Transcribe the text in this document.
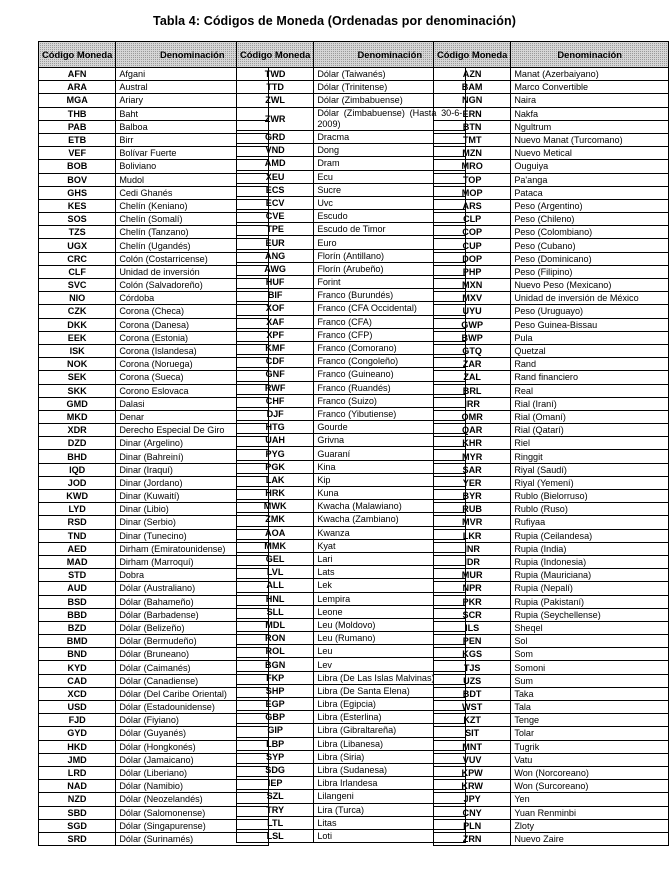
Tabla 4: Códigos de Moneda (Ordenadas por denominación)
Código Moneda	Denominación
AFN	Afgani
ARA	Austral
MGA	Ariary
THB	Baht
PAB	Balboa
ETB	Birr
VEF	Bolívar Fuerte
BOB	Boliviano
BOV	Mudol
GHS	Cedi Ghanés
KES	Chelín (Keniano)
SOS	Chelín (Somalí)
TZS	Chelín (Tanzano)
UGX	Chelín (Ugandés)
CRC	Colón (Costarricense)
CLF	Unidad de inversión
SVC	Colón (Salvadoreño)
NIO	Córdoba
CZK	Corona (Checa)
DKK	Corona (Danesa)
EEK	Corona (Estonia)
ISK	Corona (Islandesa)
NOK	Corona (Noruega)
SEK	Corona (Sueca)
SKK	Corono Eslovaca
GMD	Dalasi
MKD	Denar
XDR	Derecho Especial De Giro
DZD	Dinar (Argelino)
BHD	Dinar (Bahreiní)
IQD	Dinar (Iraquí)
JOD	Dinar (Jordano)
KWD	Dinar (Kuwaití)
LYD	Dinar (Libio)
RSD	Dinar (Serbio)
TND	Dinar (Tunecino)
AED	Dirham (Emiratounidense)
MAD	Dirham (Marroquí)
STD	Dobra
AUD	Dólar (Australiano)
BSD	Dólar (Bahameño)
BBD	Dólar (Barbadense)
BZD	Dólar (Belizeño)
BMD	Dólar (Bermudeño)
BND	Dólar (Bruneano)
KYD	Dólar (Caimanés)
CAD	Dólar (Canadiense)
XCD	Dólar (Del Caribe Oriental)
USD	Dólar (Estadounidense)
FJD	Dólar (Fiyiano)
GYD	Dólar (Guyanés)
HKD	Dólar (Hongkonés)
JMD	Dólar (Jamaicano)
LRD	Dólar (Liberiano)
NAD	Dólar (Namibio)
NZD	Dólar (Neozelandés)
SBD	Dólar (Salomonense)
SGD	Dólar (Singapurense)
SRD	Dólar (Surinamés)
Código Moneda	Denominación
TWD	Dólar (Taiwanés)
TTD	Dólar (Trinitense)
ZWL	Dólar (Zimbabuense)
ZWR	Dólar (Zimbabuense) (Hasta 30-6-2009)
GRD	Dracma
VND	Dong
AMD	Dram
XEU	Ecu
ECS	Sucre
ECV	Uvc
CVE	Escudo
TPE	Escudo de Timor
EUR	Euro
ANG	Florín (Antillano)
AWG	Florín (Arubeño)
HUF	Forint
BIF	Franco (Burundés)
XOF	Franco (CFA Occidental)
XAF	Franco (CFA)
XPF	Franco (CFP)
KMF	Franco (Comorano)
CDF	Franco (Congoleño)
GNF	Franco (Guineano)
RWF	Franco (Ruandés)
CHF	Franco (Suizo)
DJF	Franco (Yibutiense)
HTG	Gourde
UAH	Grivna
PYG	Guaraní
PGK	Kina
LAK	Kip
HRK	Kuna
MWK	Kwacha (Malawiano)
ZMK	Kwacha (Zambiano)
AOA	Kwanza
MMK	Kyat
GEL	Lari
LVL	Lats
ALL	Lek
HNL	Lempira
SLL	Leone
MDL	Leu (Moldovo)
RON	Leu (Rumano)
ROL	Leu
BGN	Lev
FKP	Libra (De Las Islas Malvinas)
SHP	Libra (De Santa Elena)
EGP	Libra (Egipcia)
GBP	Libra (Esterlina)
GIP	Libra (Gibraltareña)
LBP	Libra (Libanesa)
SYP	Libra (Siria)
SDG	Libra (Sudanesa)
IEP	Libra Irlandesa
SZL	Lilangeni
TRY	Lira (Turca)
LTL	Litas
LSL	Loti
Código Moneda	Denominación
AZN	Manat (Azerbaiyano)
BAM	Marco Convertible
NGN	Naira
ERN	Nakfa
BTN	Ngultrum
TMT	Nuevo Manat (Turcomano)
MZN	Nuevo Metical
MRO	Ouguiya
TOP	Pa'anga
MOP	Pataca
ARS	Peso (Argentino)
CLP	Peso (Chileno)
COP	Peso (Colombiano)
CUP	Peso (Cubano)
DOP	Peso (Dominicano)
PHP	Peso (Filipino)
MXN	Nuevo Peso (Mexicano)
MXV	Unidad de inversión de México
UYU	Peso (Uruguayo)
GWP	Peso Guinea-Bissau
BWP	Pula
GTQ	Quetzal
ZAR	Rand
ZAL	Rand financiero
BRL	Real
IRR	Rial (Iraní)
OMR	Rial (Omaní)
QAR	Rial (Qatarí)
KHR	Riel
MYR	Ringgit
SAR	Riyal (Saudí)
YER	Riyal (Yemení)
BYR	Rublo (Bielorruso)
RUB	Rublo (Ruso)
MVR	Rufiyaa
LKR	Rupia (Ceilandesa)
INR	Rupia (India)
IDR	Rupia (Indonesia)
MUR	Rupia (Mauriciana)
NPR	Rupia (Nepalí)
PKR	Rupia (Pakistaní)
SCR	Rupia (Seychellense)
ILS	Sheqel
PEN	Sol
KGS	Som
TJS	Somoni
UZS	Sum
BDT	Taka
WST	Tala
KZT	Tenge
SIT	Tolar
MNT	Tugrik
VUV	Vatu
KPW	Won (Norcoreano)
KRW	Won (Surcoreano)
JPY	Yen
CNY	Yuan Renminbi
PLN	Zloty
ZRN	Nuevo Zaire
